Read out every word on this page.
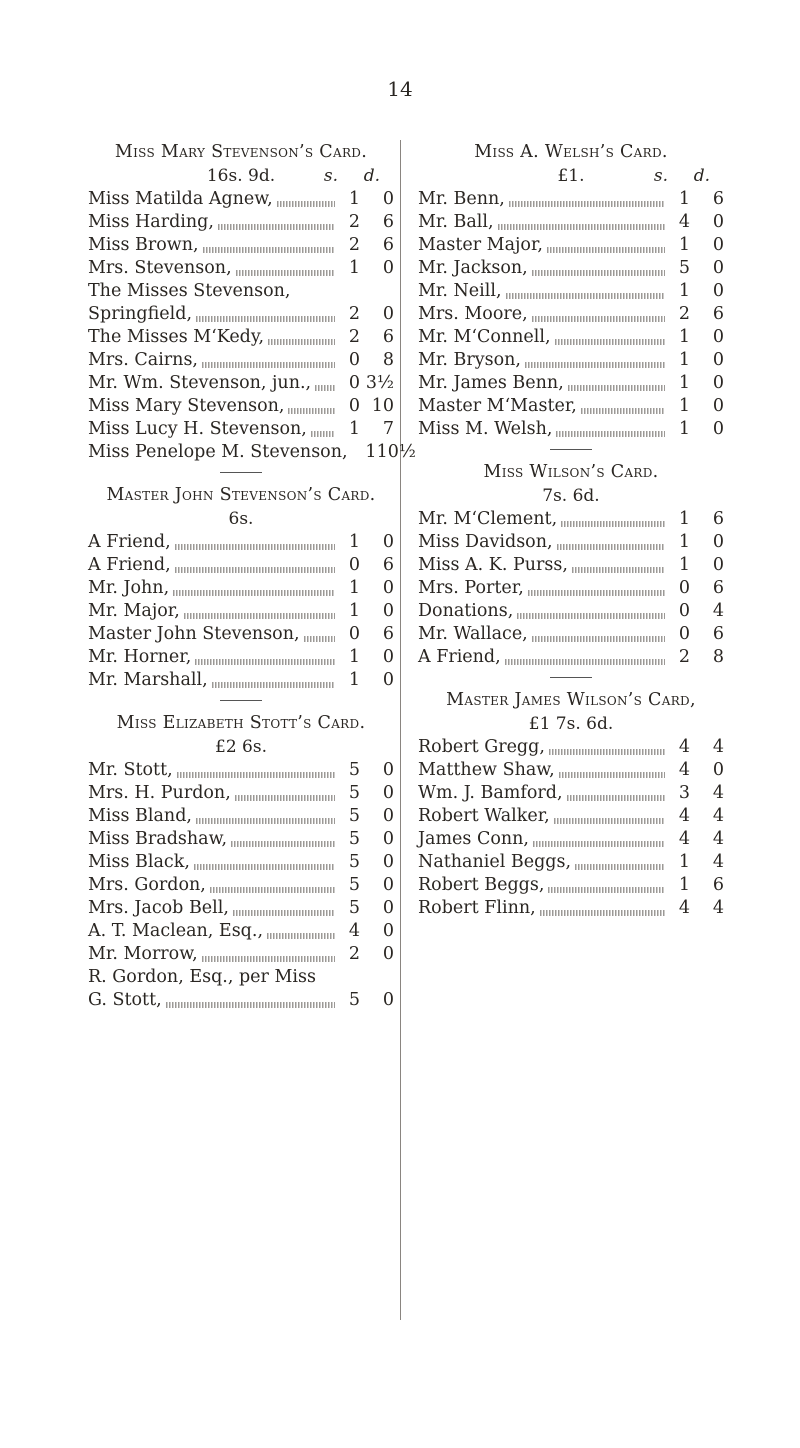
14
Miss Mary Stevenson’s Card.
16s. 9d.	s. d.
Miss Matilda Agnew,	1	0
Miss Harding,	2	6
Miss Brown,	2	6
Mrs. Stevenson,	1	0
The Misses Stevenson,
Springfield,	2	0
The Misses M‘Kedy,	2	6
Mrs. Cairns,	0	8
Mr. Wm. Stevenson, jun.,	0 3½
Miss Mary Stevenson,	0 10
Miss Lucy H. Stevenson,	1	7
Miss Penelope M. Stevenson,	1 10½
Master John Stevenson’s Card.
6s.
A Friend,	1	0
A Friend,	0	6
Mr. John,	1	0
Mr. Major,	1	0
Master John Stevenson,	0	6
Mr. Horner,	1	0
Mr. Marshall,	1	0
Miss Elizabeth Stott’s Card.
£2 6s.
Mr. Stott,	5	0
Mrs. H. Purdon,	5	0
Miss Bland,	5	0
Miss Bradshaw,	5	0
Miss Black,	5	0
Mrs. Gordon,	5	0
Mrs. Jacob Bell,	5	0
A. T. Maclean, Esq.,	4	0
Mr. Morrow,	2	0
R. Gordon, Esq., per Miss
G. Stott,	5	0
Miss A. Welsh’s Card.
£1.	s. d.
Mr. Benn,	1	6
Mr. Ball,	4	0
Master Major,	1	0
Mr. Jackson,	5	0
Mr. Neill,	1	0
Mrs. Moore,	2	6
Mr. M‘Connell,	1	0
Mr. Bryson,	1	0
Mr. James Benn,	1	0
Master M‘Master,	1	0
Miss M. Welsh,	1	0
Miss Wilson’s Card.
7s. 6d.
Mr. M‘Clement,	1	6
Miss Davidson,	1	0
Miss A. K. Purss,	1	0
Mrs. Porter,	0	6
Donations,	0	4
Mr. Wallace,	0	6
A Friend,	2	8
Master James Wilson’s Card,
£1 7s. 6d.
Robert Gregg,	4	4
Matthew Shaw,	4	0
Wm. J. Bamford,	3	4
Robert Walker,	4	4
James Conn,	4	4
Nathaniel Beggs,	1	4
Robert Beggs,	1	6
Robert Flinn,	4	4
